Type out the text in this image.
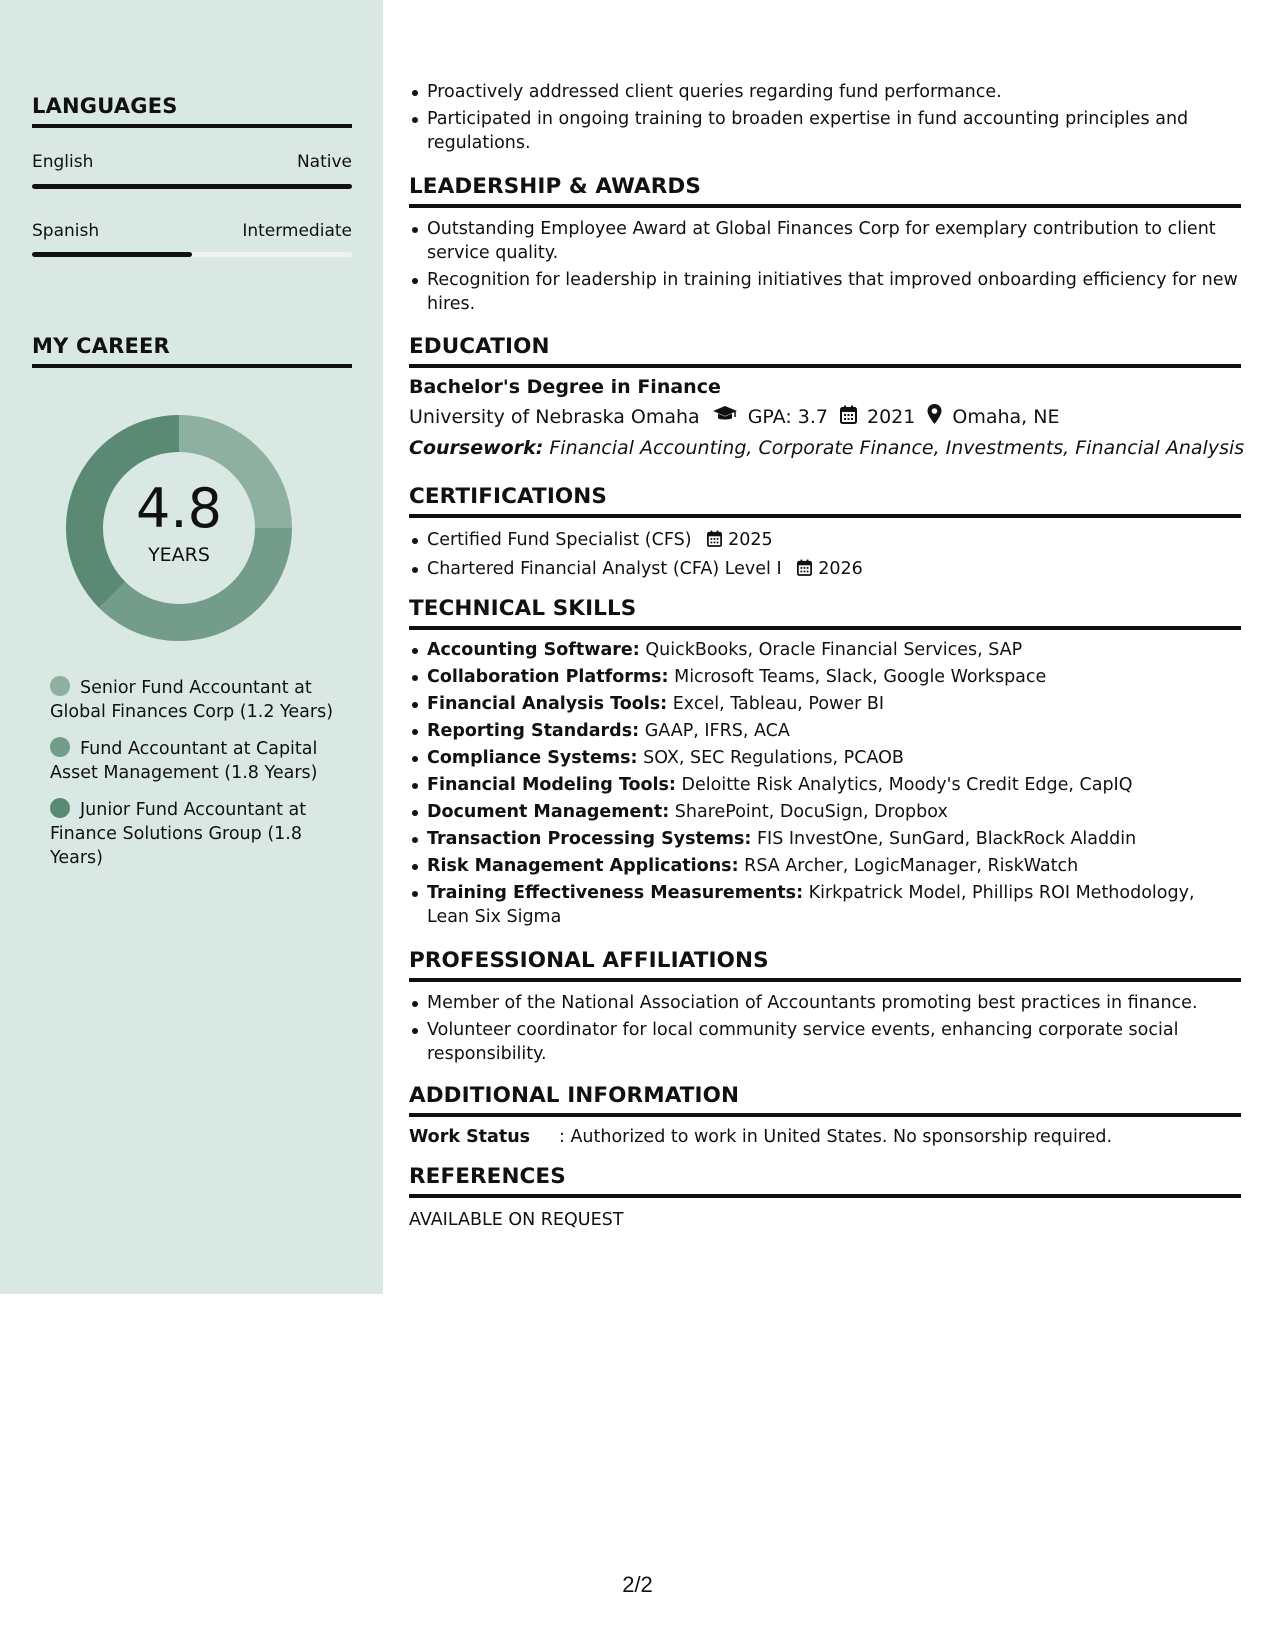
LANGUAGES
English	Native
Spanish	Intermediate
MY CAREER
4.8
YEARS
Senior Fund Accountant at Global Finances Corp (1.2 Years)
Fund Accountant at Capital Asset Management (1.8 Years)
Junior Fund Accountant at Finance Solutions Group (1.8 Years)
Proactively addressed client queries regarding fund performance.
Participated in ongoing training to broaden expertise in fund accounting principles and regulations.
LEADERSHIP & AWARDS
Outstanding Employee Award at Global Finances Corp for exemplary contribution to client service quality.
Recognition for leadership in training initiatives that improved onboarding efficiency for new hires.
EDUCATION
Bachelor's Degree in Finance
University of Nebraska Omaha	GPA: 3.7 2021 Omaha, NE
Coursework: Financial Accounting, Corporate Finance, Investments, Financial Analysis
CERTIFICATIONS
Certified Fund Specialist (CFS) 2025
Chartered Financial Analyst (CFA) Level I 2026
TECHNICAL SKILLS
Accounting Software: QuickBooks, Oracle Financial Services, SAP
Collaboration Platforms: Microsoft Teams, Slack, Google Workspace
Financial Analysis Tools: Excel, Tableau, Power BI
Reporting Standards: GAAP, IFRS, ACA
Compliance Systems: SOX, SEC Regulations, PCAOB
Financial Modeling Tools: Deloitte Risk Analytics, Moody's Credit Edge, CapIQ
Document Management: SharePoint, DocuSign, Dropbox
Transaction Processing Systems: FIS InvestOne, SunGard, BlackRock Aladdin
Risk Management Applications: RSA Archer, LogicManager, RiskWatch
Training Effectiveness Measurements: Kirkpatrick Model, Phillips ROI Methodology, Lean Six Sigma
PROFESSIONAL AFFILIATIONS
Member of the National Association of Accountants promoting best practices in finance.
Volunteer coordinator for local community service events, enhancing corporate social responsibility.
ADDITIONAL INFORMATION
Work Status	: Authorized to work in United States. No sponsorship required.
REFERENCES
AVAILABLE ON REQUEST
2/2
